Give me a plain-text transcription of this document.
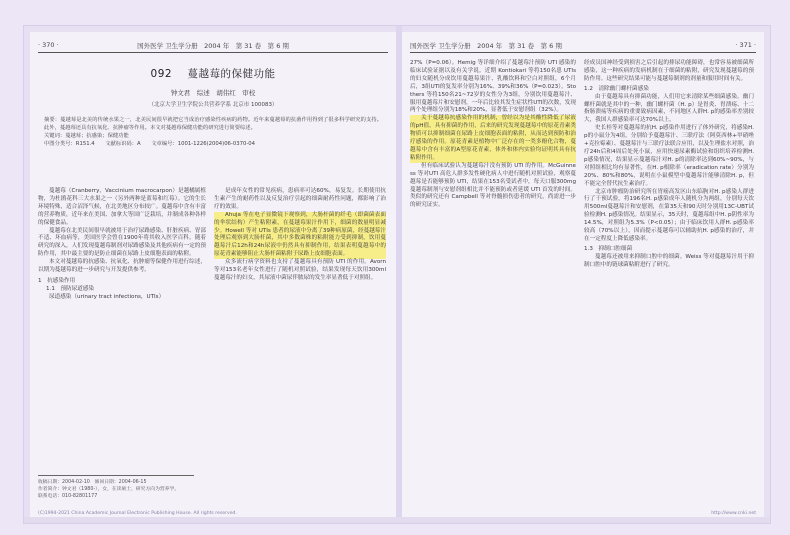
· 370 ·	国外医学 卫生学分册　2004 年　第 31 卷　第 6 期
092 蔓越莓的保健功能
钟文君　综述　胡伟红　审校
（北京大学卫生学院公共营养学系 北京市 100083）
摘要：蔓越莓是北美的传统水果之一，北美民间很早就把它当成治疗感染性疾病的药物。近年来蔓越莓的抗菌作用得到了很多科学研究的支持。此外，蔓越莓还具有抗氧化、抗肿瘤等作用。本文对蔓越莓保健功能的研究进行简要综述。
关键词：蔓越莓；抗感染；保健功能
中图分类号：R151.4　　文献标识码：A　　文章编号：1001-1226(2004)06-0370-04

蔓越莓（Cranberry，Vaccinium macrocarpon）是越橘属植物，为杜鹃花科三大水果之一（另外两种是蓝莓和红莓）。它的生长环境特殊，适合沼泽气候，在北美地区分布较广。蔓越莓中含有丰富的营养物质，近年来在美国、加拿大等国广泛栽培，并制成各种各样的保健食品。

蔓越莓在北美民间很早就被用于治疗尿路感染、肝脏疾病、胃部不适、坏血病等，美国医学会曾在1900年将其收入医学百科。随着研究的深入，人们发现蔓越莓制剂对尿路感染及其他疾病有一定的预防作用，其中最主要的是防止细菌在尿路上皮细胞表面的粘附。

本文对蔓越莓的抗感染、抗氧化、抗肿瘤等保健作用进行综述，以期为蔓越莓的进一步研究与开发提供参考。

1　抗感染作用

1.1　预防尿道感染

尿道感染（urinary tract infections，UTIs）

是成年女性的常见疾病，患病率可达60%，易复发。长期使用抗生素产生的耐药性以及反复治疗引起的细菌耐药性问题，都影响了治疗的效果。

Ahuja 等在电子显微镜下观察到，大肠杆菌的纤毛（即菌菌表面的伞状结构）产生粘附素，在蔓越莓果汁作用下，细菌的数量明显减少。Howell 等对 UTIs 患者的尿液中分离了39种病原菌，经蔓越莓汁处理后观察到大肠杆菌，其中多数菌株的粘附能力受到抑制，饮用蔓越莓汁后12h和24h尿液中仍然具有抑制作用，结果表明蔓越莓中的原花青素能够阻止大肠杆菌粘附于尿路上皮细胞表面。

众多流行病学资料也支持了蔓越莓具有预防 UTI 的作用。Avorn 等对153名老年女性进行了随机对照试验，结果发现每天饮用300ml蔓越莓汁的妇女，其尿液中菌尿伴脓尿的发生率显著低于对照组。

收稿日期：2004-02-10　修回日期：2004-06-15
作者简介：钟文君（1980-），女，在读硕士，研究方向为营养学。
联系电话：010-82801177
(C)1994-2021 China Academic Journal Electronic Publishing House. All rights reserved.
国外医学 卫生学分册　2004 年　第 31 卷　第 6 期	· 371 ·

27%（P=0.06）。Hemig 等详细介绍了蔓越莓汁预防 UTI 感染的临床试验证据以及有关学说。近期 Kontiokari 等将150名患 UTIs 的妇女随机分成饮用蔓越莓果汁、乳酸饮料和空白对照组，6个月后，3组UTI的复发率分别为16%、39%和36%（P=0.023）。Stothers 等将150名21~72岁的女性分为3组，分别饮用蔓越莓汁、服用蔓越莓片和安慰剂，一年后比较其发生症状性UTI的次数，发现两个处理组分别为18%和20%，显著低于安慰剂组（32%）。

关于蔓越莓抗感染作用的机制，曾经以为是其酸性降低了尿液的pH值，具有抑菌的作用，后来的研究发现蔓越莓中的原花青素类物质可以抑制细菌在尿路上皮细胞表面的粘附，从而达到预防和治疗感染的作用。原花青素是植物中广泛存在的一类多酚化合物，蔓越莓中含有丰富的A型原花青素，体外和体内实验均证明其具有抗粘附作用。

但有临床试验认为蔓越莓汁没有预防 UTI 的作用。McGuinness 等对UTI 高危人群多发性硬化病人中进行随机对照试验，观察蔓越莓是否能够预防 UTI，结果在153名受试者中，每天口服300mg蔓越莓制剂与安慰剂组相比并不能预防或者延缓 UTI 首发的时间。类似的研究还有 Campbell 等对脊髓损伤患者的研究，尚需进一步的研究证实。

经成员国神经受到损害之后引起的排尿功能障碍，也常容易被细菌所感染，这一种疾病的发病机制在于细菌的粘附，研究发现蔓越莓的预防作用。这些研究结果可能与蔓越莓制剂的剂量和服用时间有关。

1.2　清除幽门螺杆菌感染

由于蔓越莓具有抑菌功能，人们用它来清除某些细菌感染。幽门螺杆菌就是其中的一种，幽门螺杆菌（H. p）是胃炎、胃溃疡、十二指肠溃疡等疾病的重要致病因素，不同地区人群H. p的感染率差别较大，我国人群感染率可达70%以上。

史长桂等对蔓越莓的抗H. p感染作用进行了体外研究，将感染H. p的小鼠分为4组，分别给予蔓越莓汁、三联疗法（阿莫西林+甲硝唑+克拉霉素）、蔓越莓汁与三联疗法联合应用，以及生理盐水对照，治疗24h后和4周后处死小鼠，应用快速尿素酶试验和组织培养检测H. p感染情况，结果显示蔓越莓汁对H. p的清除率达到60%~90%，与对照组相比均有显著性，在H. p根除率（eradication rate）分别为20%、80%和80%，说明在小鼠模型中蔓越莓汁能够清除H. p，但不能完全替代抗生素治疗。

北京市肿瘤防治研究所在胃癌高发区山东临朐对H. p感染人群进行了干预试验，将196名H. p感染成年人随机分为两组，分别每天饮用500ml蔓越莓汁和安慰剂，在第35天和90天时分别用13C-UBT试验检测H. p感染情况。结果显示，35天时，蔓越莓组中H. p阴性率为14.5%，对照组为5.3%（P<0.05）；由于临床饮用人群H. p感染率较高（70%以上），因而提示蔓越莓可以辅助抗H. p感染的治疗，并在一定程度上降低感染率。

1.3　抑制口腔细菌

蔓越莓还被用来抑制口腔中的细菌。Weiss 等对蔓越莓汁用于抑制口腔中的链球菌粘附进行了研究。

http://www.cnki.net
